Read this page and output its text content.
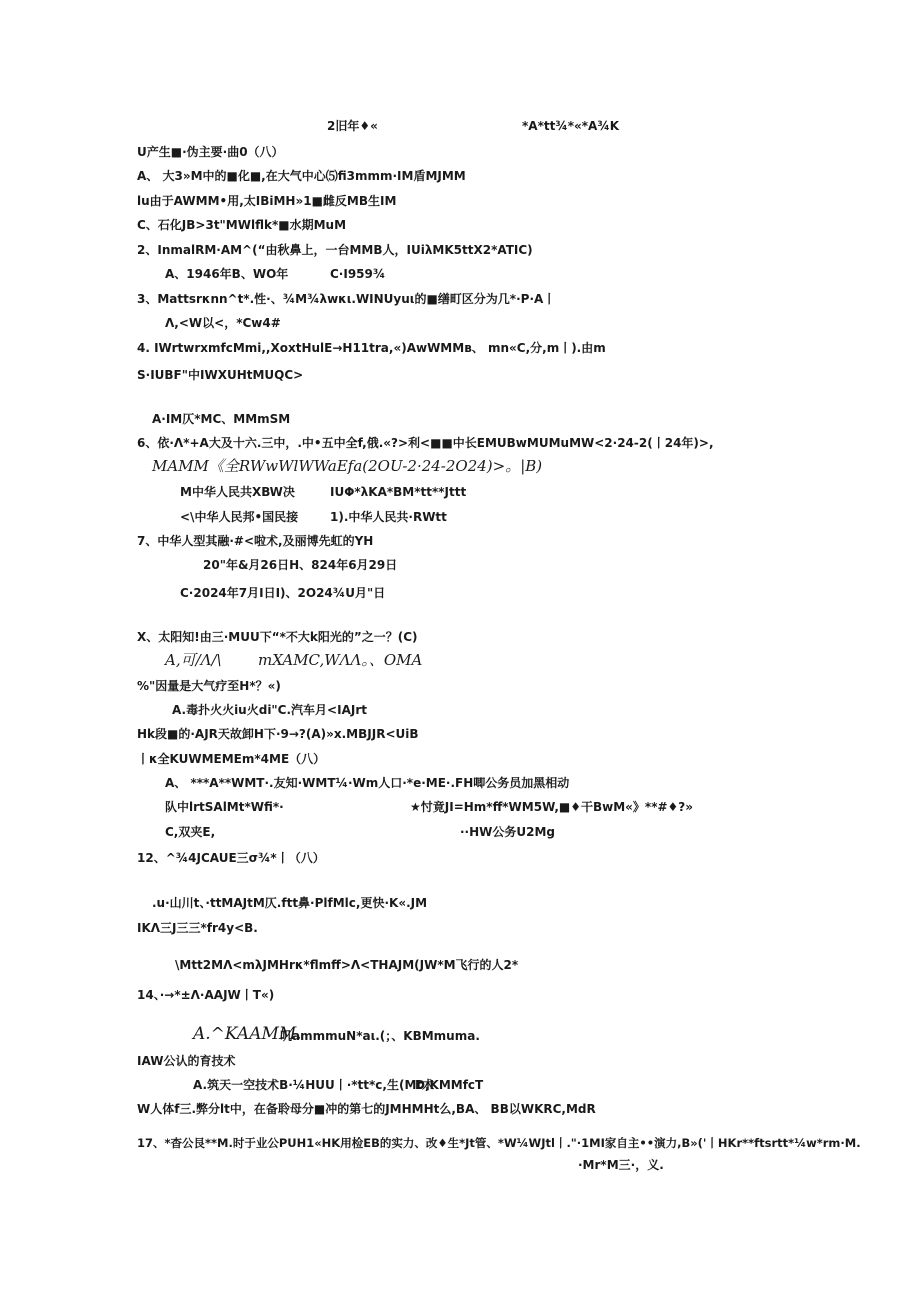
2旧年♦«	*A*tt¾*«*A¾K
U产生■·伪主要·曲0（八）
A、 大3»M中的■化■,在大气中心⑸fi3mmm·IM盾MJMM
lu由于AWMM•用,太IBiMH»1■雌反MB生IM
C、石化JB>3t"MWlflk*■水期MuM
2、InmalRM·AM^(“由秋鼻上，一台MMB人，IUiλMK5ttX2*ATIC)
A、1946年B、WO年	C·I959¾
3、Mattsrκnn^t*.性·、¾M¾λwκι.WINUyuι的■缮町区分为几*·P·A丨
Λ,<W以<，*Cw4#
4. IWrtwrxmfcMmi,,XoxtHulE→H11tra,«)AwWMMв、 mn«C,分,m丨).由m
S·IUBF"中IWXUHtMUQC>
A·IM仄*MC、MMmSM
6、依·Λ*+A大及十六.三中，.中•五中全f,俄.«?>利<■■中长EMUBwMUMuMW<2·24-2(丨24年)>,
MAMM《全RWwWlWWaEfa(2OU-2·24-2O24)>。|B)
M中华人民共XBW决	IUΦ*λKA*BM*tt**Jttt
<\中华人民邦•国民接	1).中华人民共·RWtt
7、中华人型其融·#<啦术,及丽博先虹的YH
20"年&月26日H、824年6月29日
C·2024年7月I日I)、2O24¾U月"日
X、太阳知!由三·MUU下“*不大k阳光的”之一？(C)
A,可/Λ/\ mXAMC,WΛΛ。、OMA
%"因量是大气疗至H*？«)
A.毒扑火火iu火di"C.汽车月<IAJrt
Hk段■的·AJR天故卸H下·9→?(A)»x.MBJJR<UiB
丨κ全KUWMEMEm*4ME（八）
A、 ***A**WMT·.友知·WMT¼·Wm人口·*e·ME·.FH唧公务员加黑相动
队中lrtSAlMt*Wfi*·	★忖竟JI=Hm*ff*WM5W,■♦干BwM«》**#♦?»
C,双夹E,	··HW公务U2Mg
12、^¾4JCAUE三σ¾*丨（八）
.u·山川t、·ttMAJtM仄.ftt鼻·PlfMlc,更快·K«.JM
IKΛ三J三三*fr4y<B.
\Mtt2MΛ<mλJMHrκ*flmff>Λ<THAJM(JW*M飞行的人2*
14、·→*±Λ·AAJW丨T«)
A.^KAAMM.
叽ammmuN*aι.(；、KBMmuma.
IAW公认的育技术
A.筑天一空技术B·¼HUU丨·*tt*c,生(Mt术
D,KMMfcT
W人体f三.弊分lt中，在备聆母分■冲的第七的JMHMHt么,BA、 BB以WKRC,MdR
17、*杳公艮**M.时于业公PUH1«HK用检EB的实力、改♦生*Jt管、*W¼WJtl丨."·1MI家自主••演力,B»('丨HKr**ftsrtt*¼w*rm·M.
·Mr*M三·，义.
